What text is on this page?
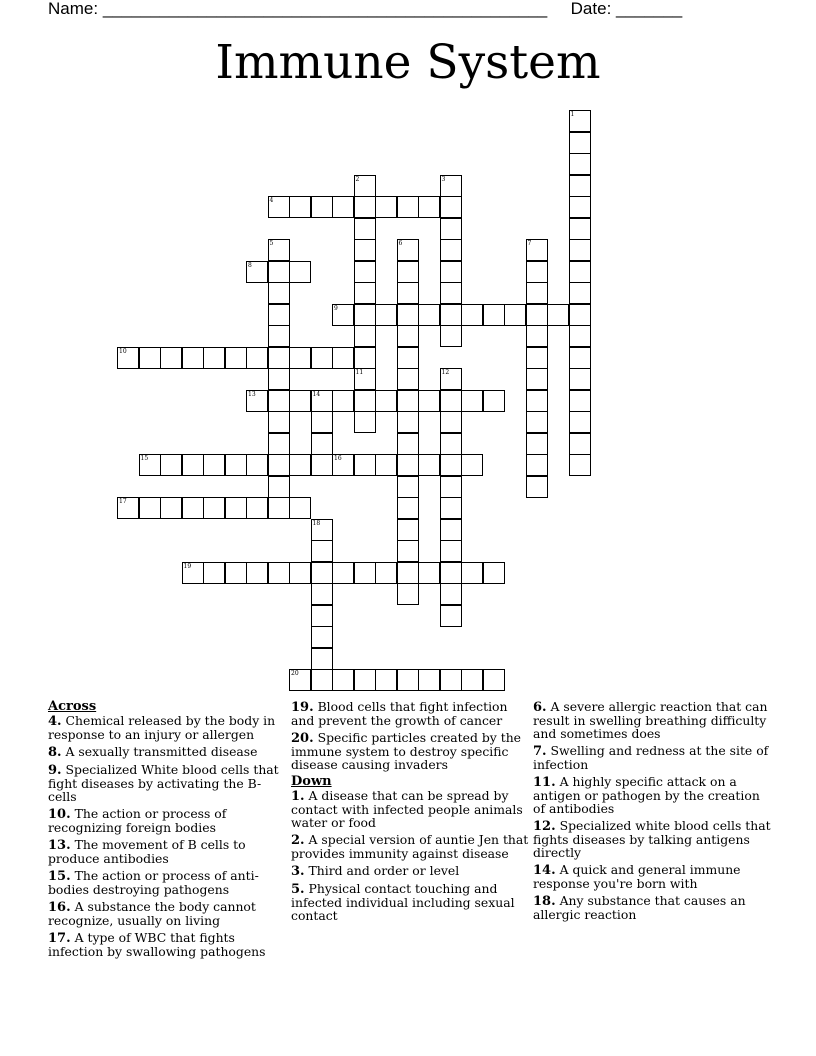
Name: _______________________________________________ Date: _______
Immune System
1
2
11
3
4
5	6	7
8
9
10
12
13	14
15	16
17
18
19
20
Across
4. Chemical released by the body in response to an injury or allergen
8. A sexually transmitted disease
9. Specialized White blood cells that fight diseases by activating the B-cells
10. The action or process of recognizing foreign bodies
13. The movement of B cells to produce antibodies
15. The action or process of anti-bodies destroying pathogens
16. A substance the body cannot recognize, usually on living
17. A type of WBC that fights infection by swallowing pathogens
19. Blood cells that fight infection and prevent the growth of cancer
20. Specific particles created by the immune system to destroy specific disease causing invaders
Down
1. A disease that can be spread by contact with infected people animals water or food
2. A special version of auntie Jen that provides immunity against disease
3. Third and order or level
5. Physical contact touching and infected individual including sexual contact
6. A severe allergic reaction that can result in swelling breathing difficulty and sometimes does
7. Swelling and redness at the site of infection
11. A highly specific attack on a antigen or pathogen by the creation of antibodies
12. Specialized white blood cells that fights diseases by talking antigens directly
14. A quick and general immune response you're born with
18. Any substance that causes an allergic reaction
